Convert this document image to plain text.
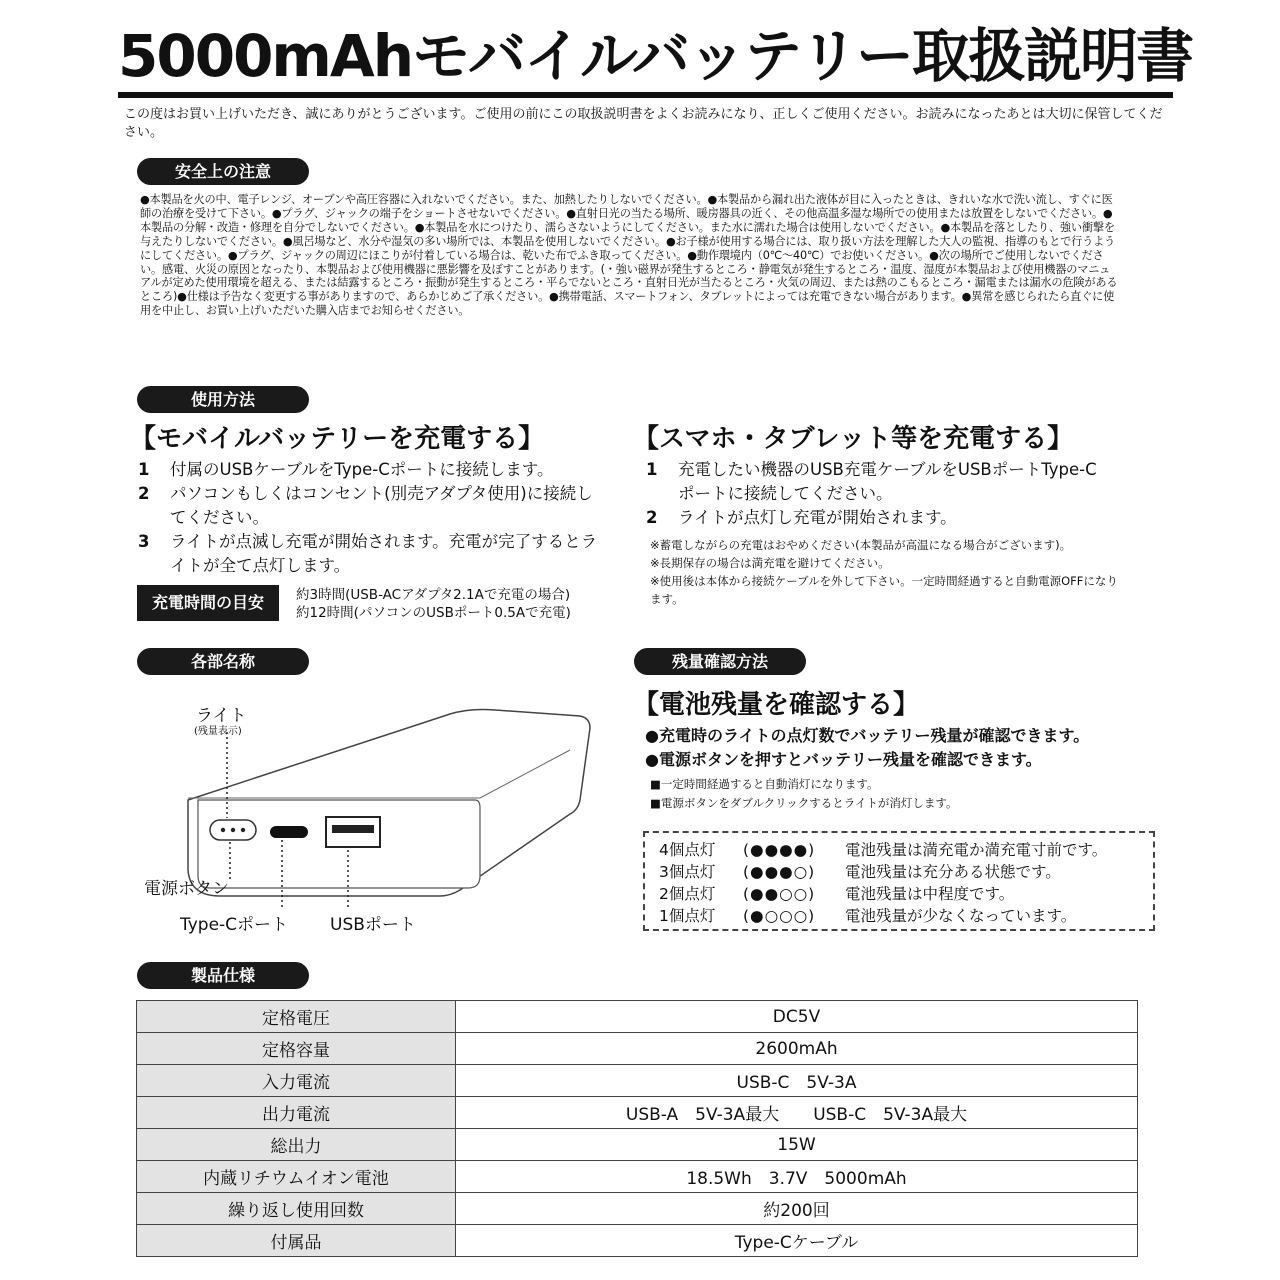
5000mAhモバイルバッテリー取扱説明書
この度はお買い上げいただき、誠にありがとうございます。ご使用の前にこの取扱説明書をよくお読みになり、正しくご使用ください。お読みになったあとは大切に保管してください。
安全上の注意
●本製品を火の中、電子レンジ、オーブンや高圧容器に入れないでください。また、加熱したりしないでください。●本製品から漏れ出た液体が目に入ったときは、きれいな水で洗い流し、すぐに医師の治療を受けて下さい。●プラグ、ジャックの端子をショートさせないでください。●直射日光の当たる場所、暖房器具の近く、その他高温多湿な場所での使用または放置をしないでください。●本製品の分解・改造・修理を自分でしないでください。●本製品を水につけたり、濡らさないようにしてください。また水に濡れた場合は使用しないでください。●本製品を落としたり、強い衝撃を与えたりしないでください。●風呂場など、水分や湿気の多い場所では、本製品を使用しないでください。●お子様が使用する場合には、取り扱い方法を理解した大人の監視、指導のもとで行うようにしてください。●プラグ、ジャックの周辺にほこりが付着している場合は、乾いた布でふき取ってください。●動作環境内（0℃〜40℃）でお使いください。●次の場所でご使用しないでください。感電、火災の原因となったり、本製品および使用機器に悪影響を及ぼすことがあります。(・強い磁界が発生するところ・静電気が発生するところ・温度、湿度が本製品および使用機器のマニュアルが定めた使用環境を超える、または結露するところ・振動が発生するところ・平らでないところ・直射日光が当たるところ・火気の周辺、または熱のこもるところ・漏電または漏水の危険があるところ)●仕様は予告なく変更する事がありますので、あらかじめご了承ください。●携帯電話、スマートフォン、タブレットによっては充電できない場合があります。●異常を感じられたら直ぐに使用を中止し、お買い上げいただいた購入店までお知らせください。
使用方法
【モバイルバッテリーを充電する】
1	付属のUSBケーブルをType-Cポートに接続します。
2	パソコンもしくはコンセント(別売アダプタ使用)に接続してください。
3	ライトが点滅し充電が開始されます。充電が完了するとライトが全て点灯します。
充電時間の目安	約3時間(USB-ACアダプタ2.1Aで充電の場合)
約12時間(パソコンのUSBポート0.5Aで充電)
【スマホ・タブレット等を充電する】
1	充電したい機器のUSB充電ケーブルをUSBポートType-Cポートに接続してください。
2	ライトが点灯し充電が開始されます。
※蓄電しながらの充電はおやめください(本製品が高温になる場合がございます)。
※長期保存の場合は満充電を避けてください。
※使用後は本体から接続ケーブルを外して下さい。一定時間経過すると自動電源OFFになります。
各部名称
ライト
(残量表示)
電源ボタン
Type-Cポート USBポート
残量確認方法
【電池残量を確認する】
●充電時のライトの点灯数でバッテリー残量が確認できます。
●電源ボタンを押すとバッテリー残量を確認できます。
■一定時間経過すると自動消灯になります。
■電源ボタンをダブルクリックするとライトが消灯します。
4個点灯	(●●●●)	電池残量は満充電か満充電寸前です。
3個点灯	(●●●○)	電池残量は充分ある状態です。
2個点灯	(●●○○)	電池残量は中程度です。
1個点灯	(●○○○)	電池残量が少なくなっています。
製品仕様
定格電圧	DC5V
定格容量	2600mAh
入力電流	USB-C　5V-3A
出力電流	USB-A　5V-3A最大　　USB-C　5V-3A最大
総出力	15W
内蔵リチウムイオン電池	18.5Wh　3.7V　5000mAh
繰り返し使用回数	約200回
付属品	Type-Cケーブル
